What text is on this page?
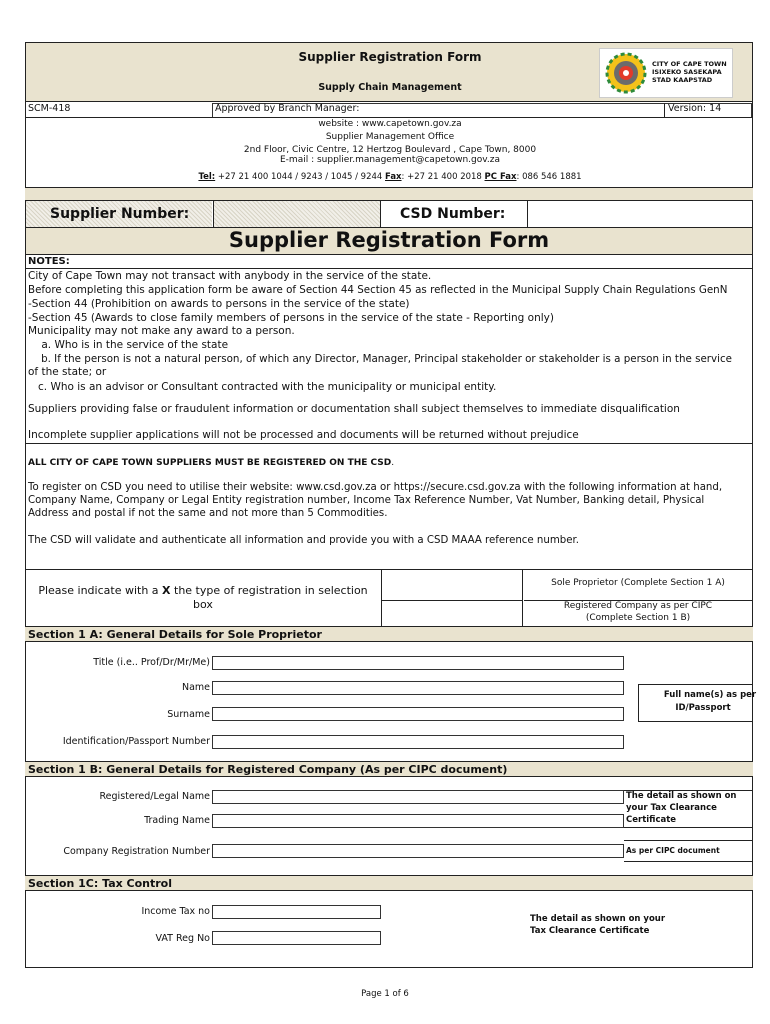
Supplier Registration Form
Supply Chain Management
CITY OF CAPE TOWN
ISIXEKO SASEKAPA
STAD KAAPSTAD
SCM-418	Approved by Branch Manager:	Version: 14
website : www.capetown.gov.za
Supplier Management Office
2nd Floor, Civic Centre, 12 Hertzog Boulevard , Cape Town, 8000
E-mail : supplier.management@capetown.gov.za
Tel: +27 21 400 1044 / 9243 / 1045 / 9244 Fax: +27 21 400 2018 PC Fax: 086 546 1881
Supplier Number:	CSD Number:
Supplier Registration Form
NOTES:
City of Cape Town may not transact with anybody in the service of the state.
Before completing this application form be aware of Section 44 Section 45 as reflected in the Municipal Supply Chain Regulations GenN
-Section 44 (Prohibition on awards to persons in the service of the state)
-Section 45 (Awards to close family members of persons in the service of the state - Reporting only)
Municipality may not make any award to a person.
a. Who is in the service of the state
b. If the person is not a natural person, of which any Director, Manager, Principal stakeholder or stakeholder is a person in the service
of the state; or
c. Who is an advisor or Consultant contracted with the municipality or municipal entity.
Suppliers providing false or fraudulent information or documentation shall subject themselves to immediate disqualification
Incomplete supplier applications will not be processed and documents will be returned without prejudice
ALL CITY OF CAPE TOWN SUPPLIERS MUST BE REGISTERED ON THE CSD.
To register on CSD you need to utilise their website: www.csd.gov.za or https://secure.csd.gov.za with the following information at hand,
Company Name, Company or Legal Entity registration number, Income Tax Reference Number, Vat Number, Banking detail, Physical
Address and postal if not the same and not more than 5 Commodities.
The CSD will validate and authenticate all information and provide you with a CSD MAAA reference number.
Please indicate with a X the type of registration in selection
box
Sole Proprietor (Complete Section 1 A)
Registered Company as per CIPC
(Complete Section 1 B)
Section 1 A: General Details for Sole Proprietor
Title (i.e.. Prof/Dr/Mr/Me)
Name
Surname
Full name(s) as per
ID/Passport
Identification/Passport Number
Section 1 B: General Details for Registered Company (As per CIPC document)
Registered/Legal Name
Trading Name
The detail as shown on
your Tax Clearance
Certificate
Company Registration Number	As per CIPC document
Section 1C: Tax Control
Income Tax no
VAT Reg No
The detail as shown on your
Tax Clearance Certificate
Page 1 of 6
